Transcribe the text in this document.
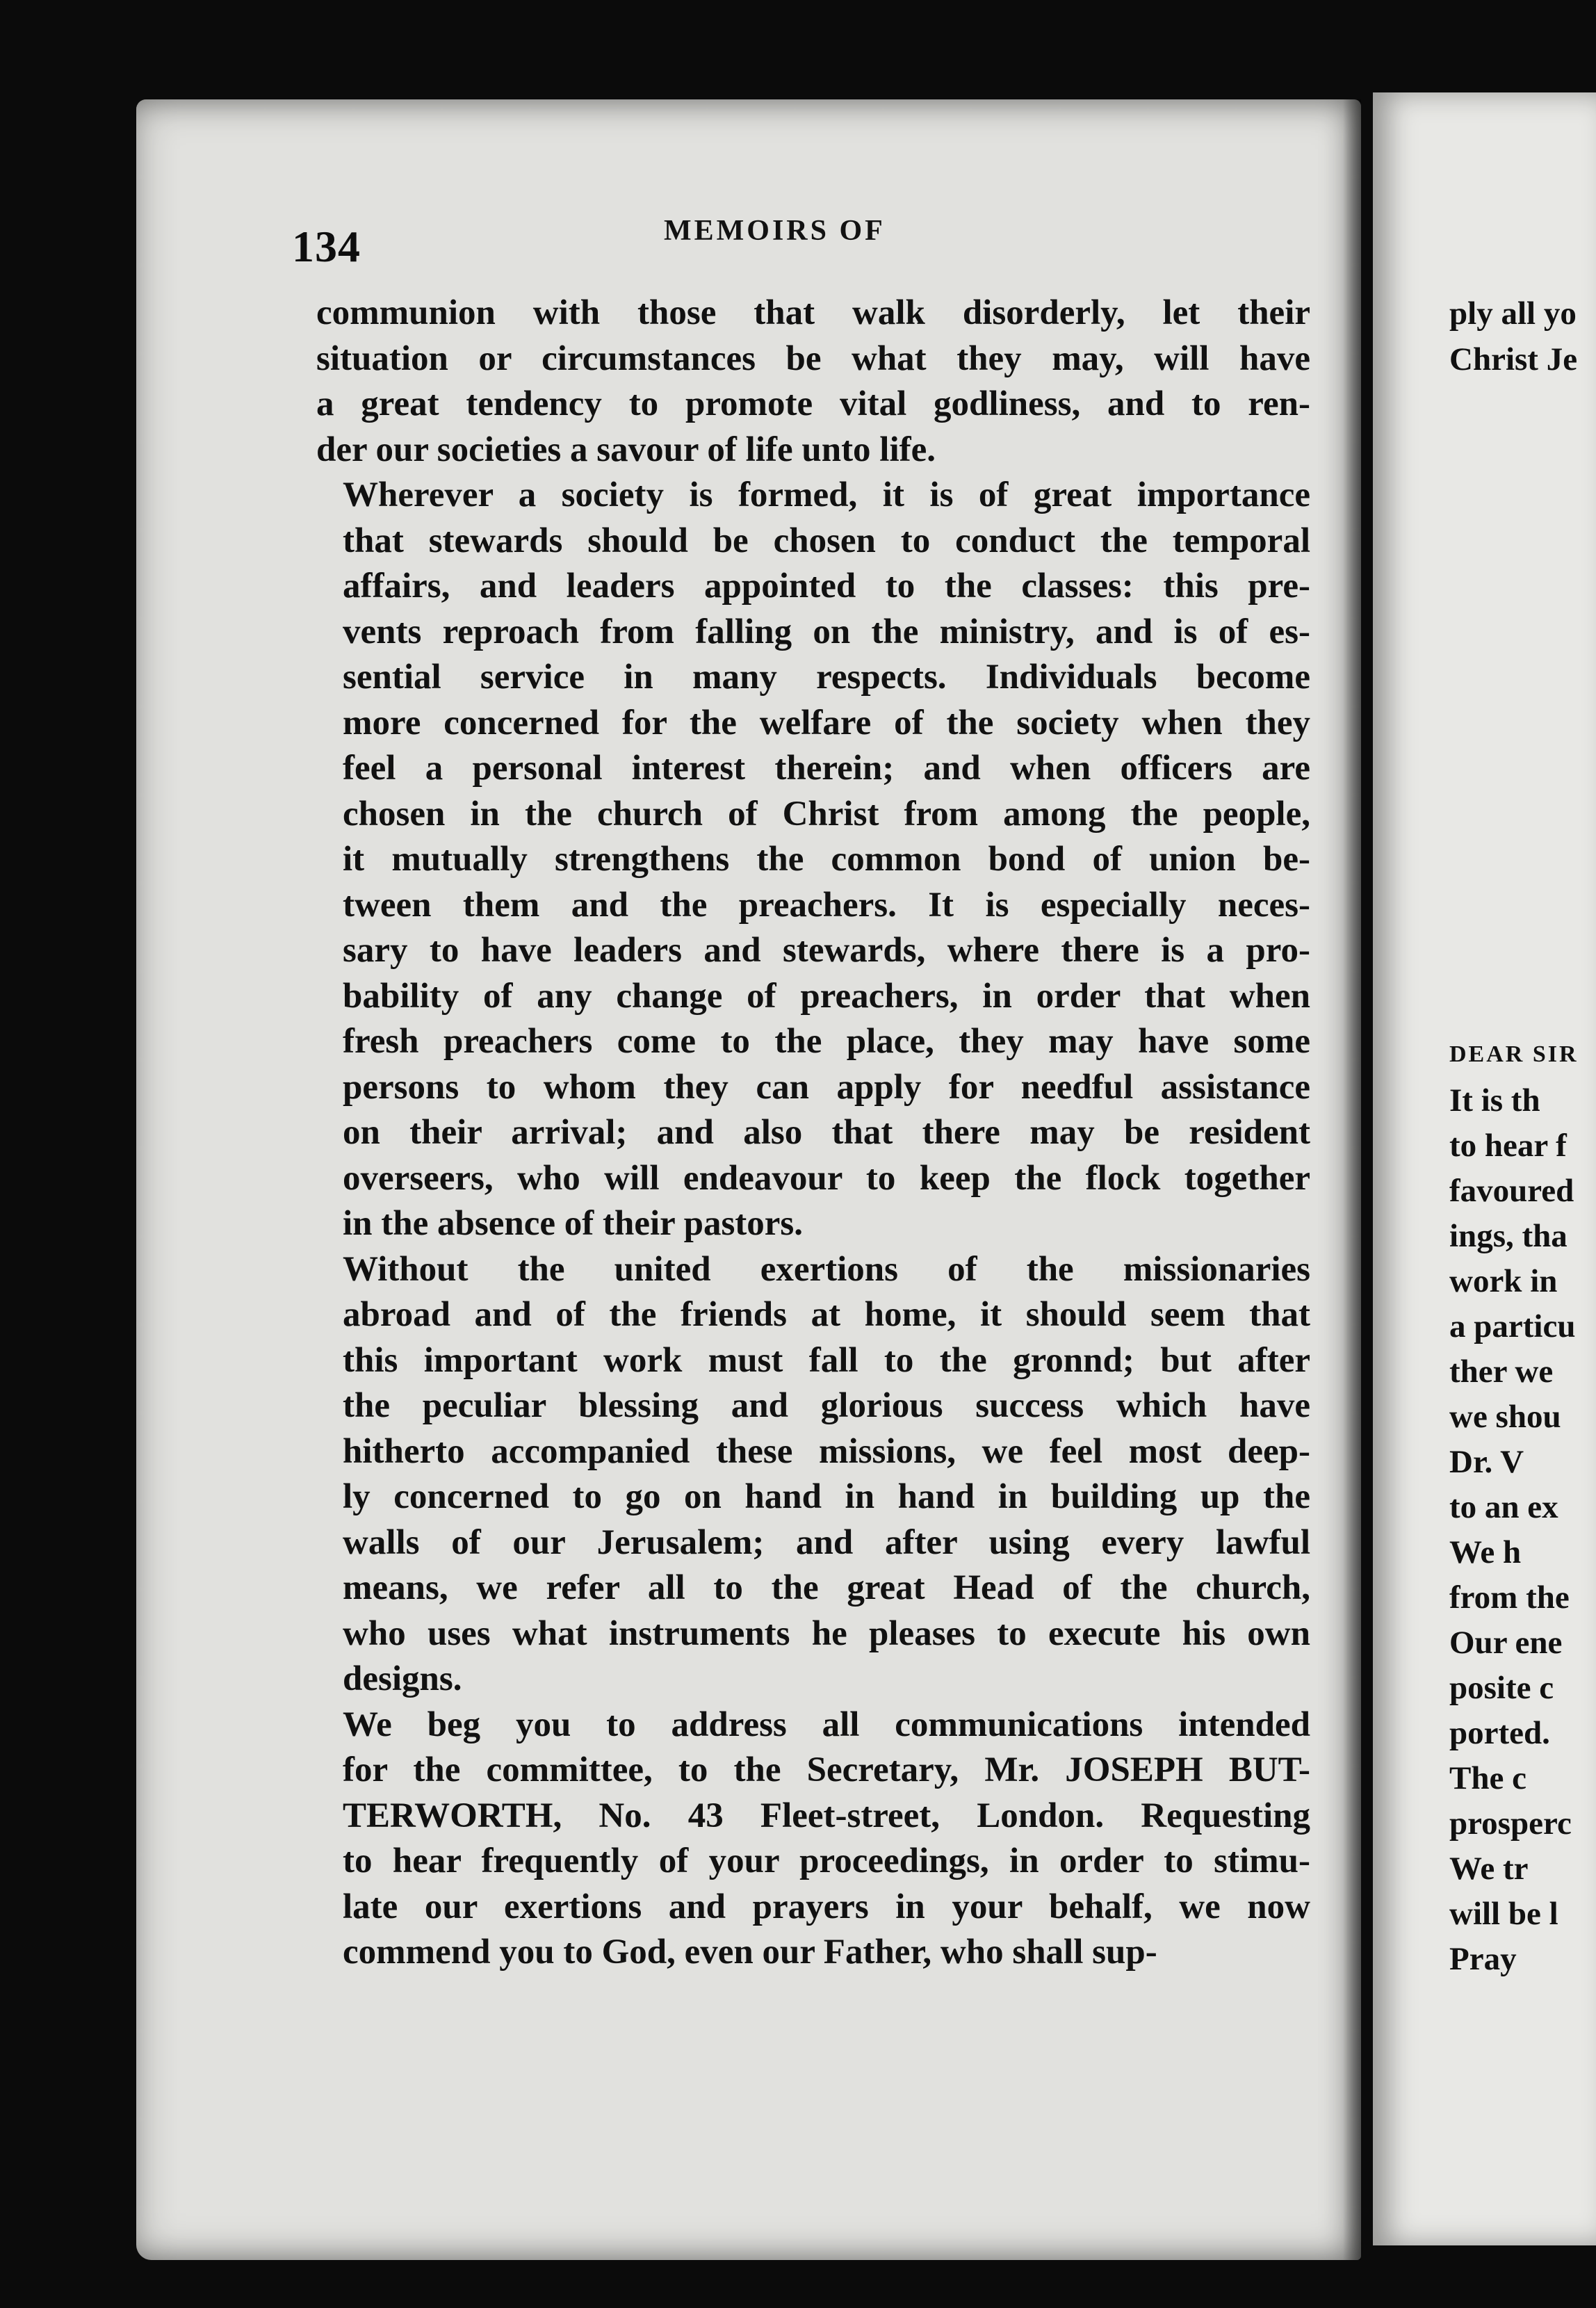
134	MEMOIRS OF

communion with those that walk disorderly, let their
situation or circumstances be what they may, will have
a great tendency to promote vital godliness, and to ren-
der our societies a savour of life unto life.

Wherever a society is formed, it is of great importance
that stewards should be chosen to conduct the temporal
affairs, and leaders appointed to the classes: this pre-
vents reproach from falling on the ministry, and is of es-
sential service in many respects. Individuals become
more concerned for the welfare of the society when they
feel a personal interest therein; and when officers are
chosen in the church of Christ from among the people,
it mutually strengthens the common bond of union be-
tween them and the preachers. It is especially neces-
sary to have leaders and stewards, where there is a pro-
bability of any change of preachers, in order that when
fresh preachers come to the place, they may have some
persons to whom they can apply for needful assistance
on their arrival; and also that there may be resident
overseers, who will endeavour to keep the flock together
in the absence of their pastors.

Without the united exertions of the missionaries
abroad and of the friends at home, it should seem that
this important work must fall to the gronnd; but after
the peculiar blessing and glorious success which have
hitherto accompanied these missions, we feel most deep-
ly concerned to go on hand in hand in building up the
walls of our Jerusalem; and after using every lawful
means, we refer all to the great Head of the church,
who uses what instruments he pleases to execute his own
designs.

We beg you to address all communications intended
for the committee, to the Secretary, Mr. JOSEPH BUT-
TERWORTH, No. 43 Fleet-street, London. Requesting
to hear frequently of your proceedings, in order to stimu-
late our exertions and prayers in your behalf, we now
commend you to God, even our Father, who shall sup-

ply all yo
Christ Je
DEAR SIR
It is th
to hear f
favoured
ings, tha
work in
a particu
ther we
we shou
Dr. V
to an ex
We h
from the
Our ene
posite c
ported.
The c
prosperc
We tr
will be l
Pray
